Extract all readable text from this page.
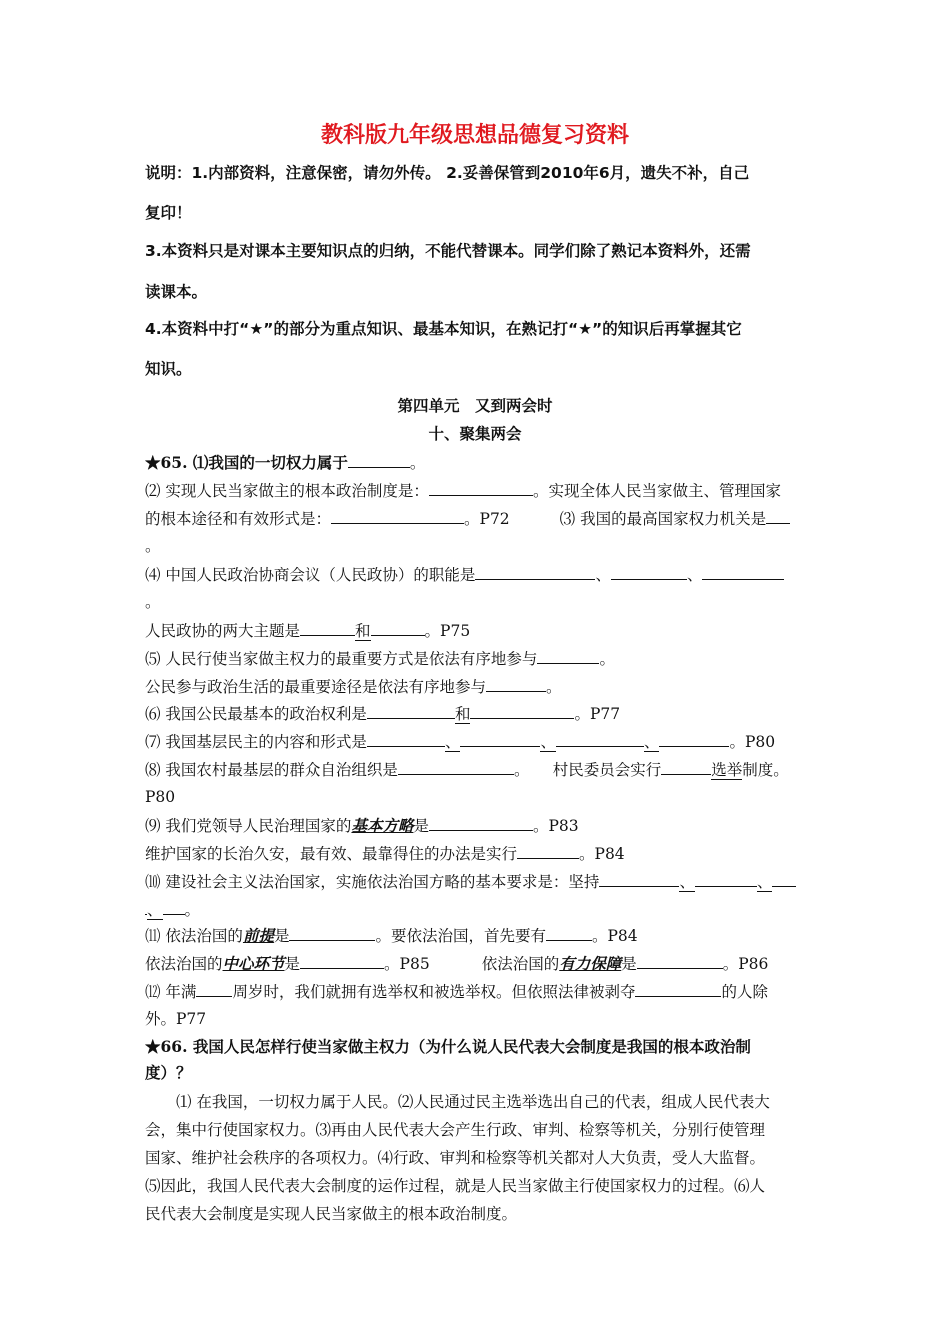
教科版九年级思想品德复习资料
说明：1.内部资料，注意保密，请勿外传。 2.妥善保管到2010年6月，遗失不补，自己
复印！
3.本资料只是对课本主要知识点的归纳，不能代替课本。同学们除了熟记本资料外，还需
读课本。
4.本资料中打“★”的部分为重点知识、最基本知识，在熟记打“★”的知识后再掌握其它
知识。
第四单元　又到两会时
十、聚集两会
★65. ⑴我国的一切权力属于	。
⑵ 实现人民当家做主的根本政治制度是：	。实现全体人民当家做主、管理国家
的根本途径和有效形式是：	。P72	⑶ 我国的最高国家权力机关是
。
⑷ 中国人民政治协商会议（人民政协）的职能是	、	、
。
人民政协的两大主题是	和	。P75
⑸ 人民行使当家做主权力的最重要方式是依法有序地参与	。
公民参与政治生活的最重要途径是依法有序地参与	。
⑹ 我国公民最基本的政治权利是	和	。P77
⑺ 我国基层民主的内容和形式是	、	、	、	。P80
⑻ 我国农村最基层的群众自治组织是	。　　村民委员会实行	选举制度。
P80
⑼ 我们党领导人民治理国家的基本方略是	。P83
维护国家的长治久安，最有效、最靠得住的办法是实行	。P84
⑽ 建设社会主义法治国家，实施依法治国方略的基本要求是：坚持	、	、
、 。
⑾ 依法治国的前提是	。要依法治国，首先要有	。P84
依法治国的中心环节是	。P85	依法治国的有力保障是	。P86
⑿ 年满 周岁时，我们就拥有选举权和被选举权。但依照法律被剥夺	的人除
外。P77
★66. 我国人民怎样行使当家做主权力（为什么说人民代表大会制度是我国的根本政治制
度）？
⑴ 在我国，一切权力属于人民。⑵人民通过民主选举选出自己的代表，组成人民代表大
会，集中行使国家权力。⑶再由人民代表大会产生行政、审判、检察等机关，分别行使管理
国家、维护社会秩序的各项权力。⑷行政、审判和检察等机关都对人大负责，受人大监督。
⑸因此，我国人民代表大会制度的运作过程，就是人民当家做主行使国家权力的过程。⑹人
民代表大会制度是实现人民当家做主的根本政治制度。
